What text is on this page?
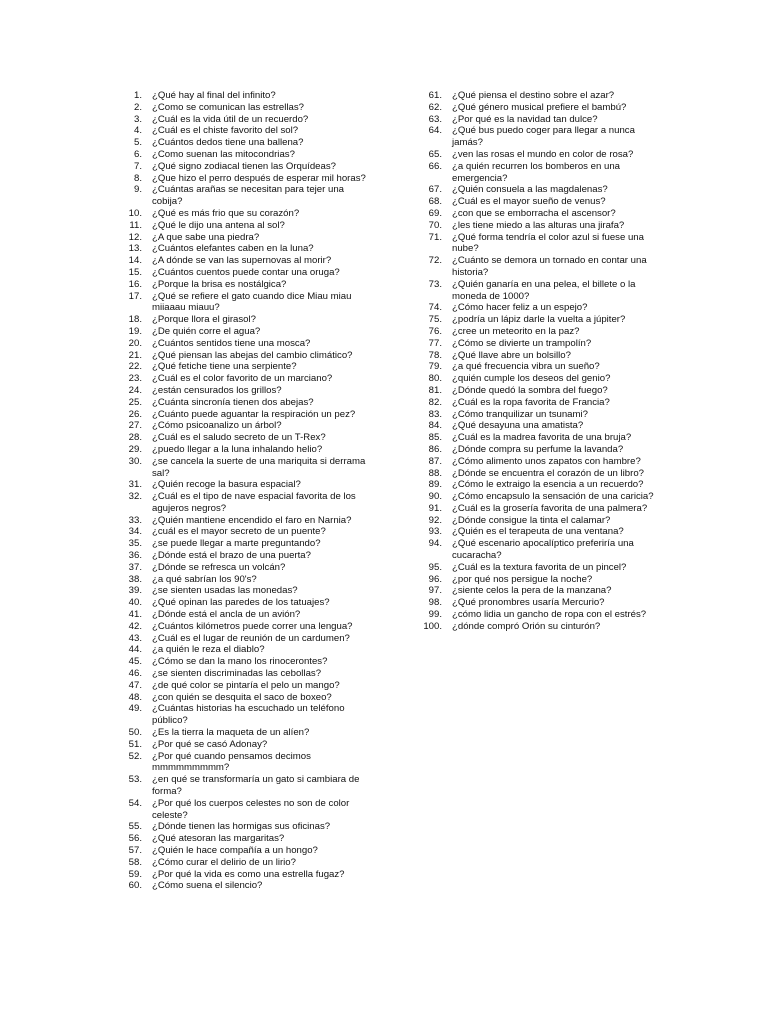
1. ¿Qué hay al final del infinito?
2. ¿Como se comunican las estrellas?
3. ¿Cuál es la vida útil de un recuerdo?
4. ¿Cuál es el chiste favorito del sol?
5. ¿Cuántos dedos tiene una ballena?
6. ¿Como suenan las mitocondrias?
7. ¿Qué signo zodiacal tienen las Orquídeas?
8. ¿Que hizo el perro después de esperar mil horas?
9. ¿Cuántas arañas se necesitan para tejer una cobija?
10. ¿Qué es más frio que su corazón?
11. ¿Qué le dijo una antena al sol?
12. ¿A que sabe una piedra?
13. ¿Cuántos elefantes caben en la luna?
14. ¿A dónde se van las supernovas al morir?
15. ¿Cuántos cuentos puede contar una oruga?
16. ¿Porque la brisa es nostálgica?
17. ¿Qué se refiere el gato cuando dice Miau miau miiaaau miauu?
18. ¿Porque llora el girasol?
19. ¿De quién corre el agua?
20. ¿Cuántos sentidos tiene una mosca?
21. ¿Qué piensan las abejas del cambio climático?
22. ¿Qué fetiche tiene una serpiente?
23. ¿Cuál es el color favorito de un marciano?
24. ¿están censurados los grillos?
25. ¿Cuánta sincronía tienen dos abejas?
26. ¿Cuánto puede aguantar la respiración un pez?
27. ¿Cómo psicoanalizo un árbol?
28. ¿Cuál es el saludo secreto de un T-Rex?
29. ¿puedo llegar a la luna inhalando helio?
30. ¿se cancela la suerte de una mariquita si derrama sal?
31. ¿Quién recoge la basura espacial?
32. ¿Cuál es el tipo de nave espacial favorita de los agujeros negros?
33. ¿Quién mantiene encendido el faro en Narnia?
34. ¿cuál es el mayor secreto de un puente?
35. ¿se puede llegar a marte preguntando?
36. ¿Dónde está el brazo de una puerta?
37. ¿Dónde se refresca un volcán?
38. ¿a qué sabrían los 90's?
39. ¿se sienten usadas las monedas?
40. ¿Qué opinan las paredes de los tatuajes?
41. ¿Dónde está el ancla de un avión?
42. ¿Cuántos kilómetros puede correr una lengua?
43. ¿Cuál es el lugar de reunión de un cardumen?
44. ¿a quién le reza el diablo?
45. ¿Cómo se dan la mano los rinocerontes?
46. ¿se sienten discriminadas las cebollas?
47. ¿de qué color se pintaría el pelo un mango?
48. ¿con quién se desquita el saco de boxeo?
49. ¿Cuántas historias ha escuchado un teléfono público?
50. ¿Es la tierra la maqueta de un alíen?
51. ¿Por qué se casó Adonay?
52. ¿Por qué cuando pensamos decimos mmmmmmmmm?
53. ¿en qué se transformaría un gato si cambiara de forma?
54. ¿Por qué los cuerpos celestes no son de color celeste?
55. ¿Dónde tienen las hormigas sus oficinas?
56. ¿Qué atesoran las margaritas?
57. ¿Quién le hace compañía a un hongo?
58. ¿Cómo curar el delirio de un lirio?
59. ¿Por qué la vida es como una estrella fugaz?
60. ¿Cómo suena el silencio?
61. ¿Qué piensa el destino sobre el azar?
62. ¿Qué género musical prefiere el bambú?
63. ¿Por qué es la navidad tan dulce?
64. ¿Qué bus puedo coger para llegar a nunca jamás?
65. ¿ven las rosas el mundo en color de rosa?
66. ¿a quién recurren los bomberos en una emergencia?
67. ¿Quién consuela a las magdalenas?
68. ¿Cuál es el mayor sueño de venus?
69. ¿con que se emborracha el ascensor?
70. ¿les tiene miedo a las alturas una jirafa?
71. ¿Qué forma tendría el color azul si fuese una nube?
72. ¿Cuánto se demora un tornado en contar una historia?
73. ¿Quién ganaría en una pelea, el billete o la moneda de 1000?
74. ¿Cómo hacer feliz a un espejo?
75. ¿podría un lápiz darle la vuelta a júpiter?
76. ¿cree un meteorito en la paz?
77. ¿Cómo se divierte un trampolín?
78. ¿Qué llave abre un bolsillo?
79. ¿a qué frecuencia vibra un sueño?
80. ¿quién cumple los deseos del genio?
81. ¿Dónde quedó la sombra del fuego?
82. ¿Cuál es la ropa favorita de Francia?
83. ¿Cómo tranquilizar un tsunami?
84. ¿Qué desayuna una amatista?
85. ¿Cuál es la madrea favorita de una bruja?
86. ¿Dónde compra su perfume la lavanda?
87. ¿Cómo alimento unos zapatos con hambre?
88. ¿Dónde se encuentra el corazón de un libro?
89. ¿Cómo le extraigo la esencia a un recuerdo?
90. ¿Cómo encapsulo la sensación de una caricia?
91. ¿Cuál es la grosería favorita de una palmera?
92. ¿Dónde consigue la tinta el calamar?
93. ¿Quién es el terapeuta de una ventana?
94. ¿Qué escenario apocalíptico preferiría una cucaracha?
95. ¿Cuál es la textura favorita de un pincel?
96. ¿por qué nos persigue la noche?
97. ¿siente celos la pera de la manzana?
98. ¿Qué pronombres usaría Mercurio?
99. ¿cómo lidia un gancho de ropa con el estrés?
100. ¿dónde compró Orión su cinturón?
